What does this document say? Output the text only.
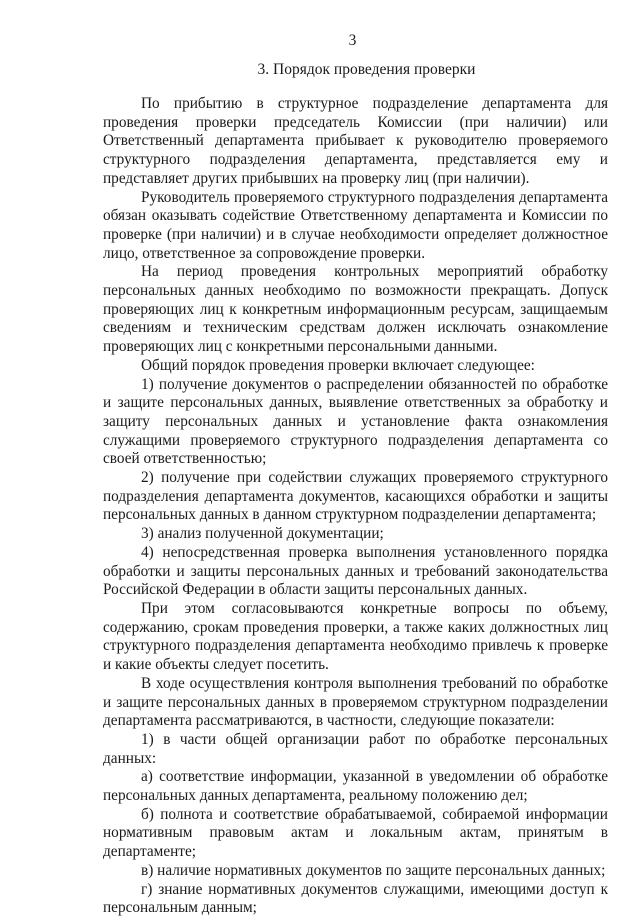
3
3. Порядок проведения проверки

По прибытию в структурное подразделение департамента для проведения проверки председатель Комиссии (при наличии) или Ответственный департамента прибывает к руководителю проверяемого структурного подразделения департамента, представляется ему и представляет других прибывших на проверку лиц (при наличии).

Руководитель проверяемого структурного подразделения департамента обязан оказывать содействие Ответственному департамента и Комиссии по проверке (при наличии) и в случае необходимости определяет должностное лицо, ответственное за сопровождение проверки.

На период проведения контрольных мероприятий обработку персональных данных необходимо по возможности прекращать. Допуск проверяющих лиц к конкретным информационным ресурсам, защищаемым сведениям и техническим средствам должен исключать ознакомление проверяющих лиц с конкретными персональными данными.

Общий порядок проведения проверки включает следующее:

1) получение документов о распределении обязанностей по обработке и защите персональных данных, выявление ответственных за обработку и защиту персональных данных и установление факта ознакомления служащими проверяемого структурного подразделения департамента со своей ответственностью;

2) получение при содействии служащих проверяемого структурного подразделения департамента документов, касающихся обработки и защиты персональных данных в данном структурном подразделении департамента;

3) анализ полученной документации;

4) непосредственная проверка выполнения установленного порядка обработки и защиты персональных данных и требований законодательства Российской Федерации в области защиты персональных данных.

При этом согласовываются конкретные вопросы по объему, содержанию, срокам проведения проверки, а также каких должностных лиц структурного подразделения департамента необходимо привлечь к проверке и какие объекты следует посетить.

В ходе осуществления контроля выполнения требований по обработке и защите персональных данных в проверяемом структурном подразделении департамента рассматриваются, в частности, следующие показатели:

1) в части общей организации работ по обработке персональных данных:

а) соответствие информации, указанной в уведомлении об обработке персональных данных департамента, реальному положению дел;

б) полнота и соответствие обрабатываемой, собираемой информации нормативным правовым актам и локальным актам, принятым в департаменте;

в) наличие нормативных документов по защите персональных данных;

г) знание нормативных документов служащими, имеющими доступ к персональным данным;
